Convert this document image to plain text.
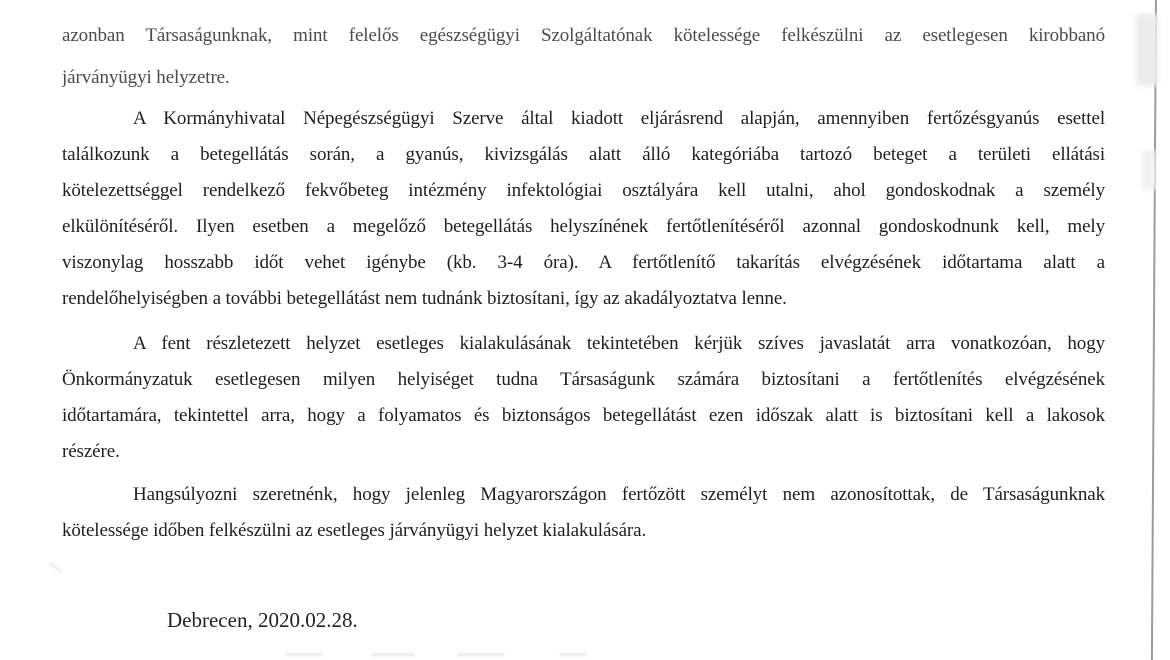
azonban Társaságunknak, mint felelős egészségügyi Szolgáltatónak kötelessége felkészülni az esetlegesen kirobbanó
járványügyi helyzetre.
A Kormányhivatal Népegészségügyi Szerve által kiadott eljárásrend alapján, amennyiben fertőzésgyanús esettel
találkozunk a betegellátás során, a gyanús, kivizsgálás alatt álló kategóriába tartozó beteget a területi ellátási
kötelezettséggel rendelkező fekvőbeteg intézmény infektológiai osztályára kell utalni, ahol gondoskodnak a személy
elkülönítéséről. Ilyen esetben a megelőző betegellátás helyszínének fertőtlenítéséről azonnal gondoskodnunk kell, mely
viszonylag hosszabb időt vehet igénybe (kb. 3-4 óra). A fertőtlenítő takarítás elvégzésének időtartama alatt a
rendelőhelyiségben a további betegellátást nem tudnánk biztosítani, így az akadályoztatva lenne.
A fent részletezett helyzet esetleges kialakulásának tekintetében kérjük szíves javaslatát arra vonatkozóan, hogy
Önkormányzatuk esetlegesen milyen helyiséget tudna Társaságunk számára biztosítani a fertőtlenítés elvégzésének
időtartamára, tekintettel arra, hogy a folyamatos és biztonságos betegellátást ezen időszak alatt is biztosítani kell a lakosok
részére.
Hangsúlyozni szeretnénk, hogy jelenleg Magyarországon fertőzött személyt nem azonosítottak, de Társaságunknak
kötelessége időben felkészülni az esetleges járványügyi helyzet kialakulására.
Debrecen, 2020.02.28.
